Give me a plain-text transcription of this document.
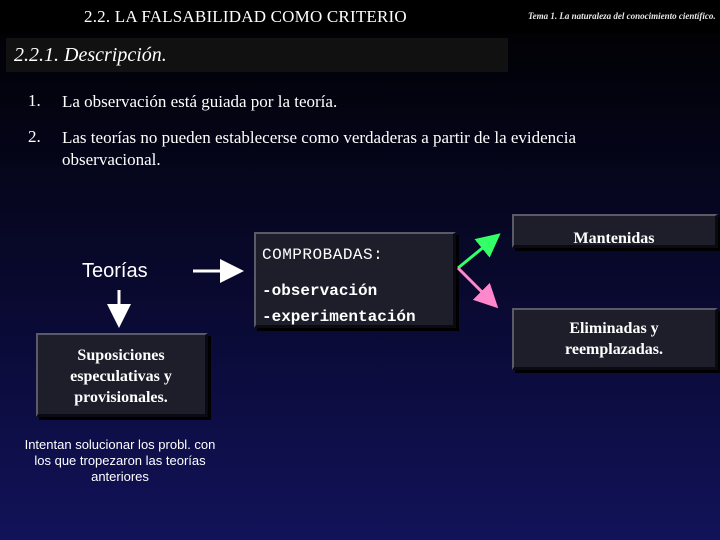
2.2. LA FALSABILIDAD COMO CRITERIO	Tema 1. La naturaleza del conocimiento científico.
2.2.1. Descripción.
1. La observación está guiada por la teoría.
2. Las teorías no pueden establecerse como verdaderas a partir de la evidencia
observacional.
Teorías
Suposiciones
especulativas y
provisionales.
Intentan solucionar los probl. con
los que tropezaron las teorías
anteriores
COMPROBADAS:
-observación
-experimentación
Mantenidas
Eliminadas y
reemplazadas.
